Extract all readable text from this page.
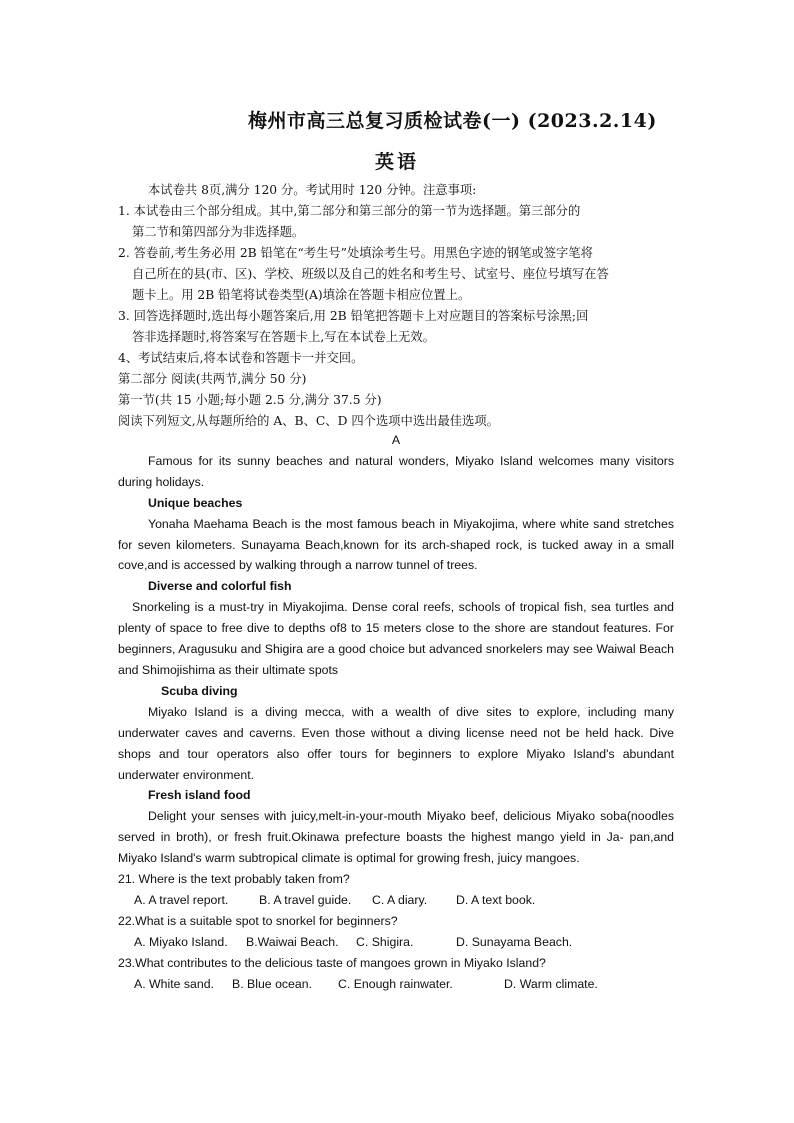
梅州市高三总复习质检试卷(一) (2023.2.14)
英语

本试卷共 8页,满分 120 分。考试用时 120 分钟。注意事项:

1. 本试卷由三个部分组成。其中,第二部分和第三部分的第一节为选择题。第三部分的

第二节和第四部分为非选择题。

2. 答卷前,考生务必用 2B 铅笔在“考生号”处填涂考生号。用黑色字迹的钢笔或签字笔将

自己所在的县(市、区)、学校、班级以及自己的姓名和考生号、试室号、座位号填写在答

题卡上。用 2B 铅笔将试卷类型(A)填涂在答题卡相应位置上。

3. 回答选择题时,选出每小题答案后,用 2B 铅笔把答题卡上对应题目的答案标号涂黑;回

答非选择题时,将答案写在答题卡上,写在本试卷上无效。

4、考试结束后,将本试卷和答题卡一并交回。

第二部分 阅读(共两节,满分 50 分)

第一节(共 15 小题;每小题 2.5 分,满分 37.5 分)

阅读下列短文,从每题所给的 A、B、C、D 四个选项中选出最佳选项。

A

Famous for its sunny beaches and natural wonders, Miyako Island welcomes many visitors during holidays.

Unique beaches

Yonaha Maehama Beach is the most famous beach in Miyakojima, where white sand stretches for seven kilometers. Sunayama Beach,known for its arch-shaped rock, is tucked away in a small cove,and is accessed by walking through a narrow tunnel of trees.

Diverse and colorful fish

Snorkeling is a must-try in Miyakojima. Dense coral reefs, schools of tropical fish, sea turtles and plenty of space to free dive to depths of8 to 15 meters close to the shore are standout features. For beginners, Aragusuku and Shigira are a good choice but advanced snorkelers may see Waiwal Beach and Shimojishima as their ultimate spots

Scuba diving

Miyako Island is a diving mecca, with a wealth of dive sites to explore, including many underwater caves and caverns. Even those without a diving license need not be held hack. Dive shops and tour operators also offer tours for beginners to explore Miyako Island's abundant underwater environment.

Fresh island food

Delight your senses with juicy,melt-in-your-mouth Miyako beef, delicious Miyako soba(noodles served in broth), or fresh fruit.Okinawa prefecture boasts the highest mango yield in Ja- pan,and Miyako Island's warm subtropical climate is optimal for growing fresh, juicy mangoes.

21. Where is the text probably taken from?

A. A travel report. B. A travel guide. C. A diary. D. A text book.

22.What is a suitable spot to snorkel for beginners?

A. Miyako Island. B.Waiwai Beach. C. Shigira.	D. Sunayama Beach.

23.What contributes to the delicious taste of mangoes grown in Miyako Island?

A. White sand. B. Blue ocean. C. Enough rainwater.	D. Warm climate.
